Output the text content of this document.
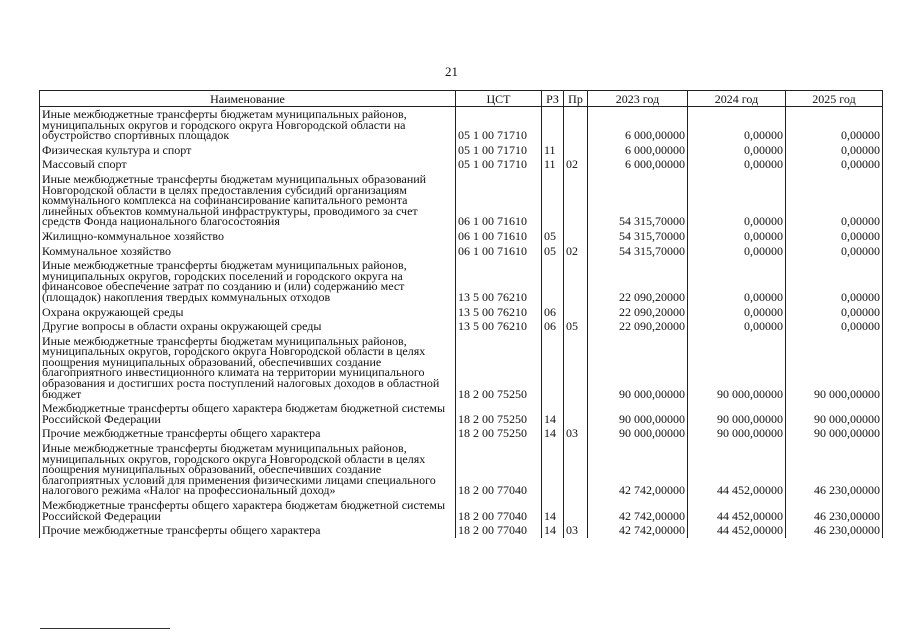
21
Наименование	ЦСТ	РЗ	Пр	2023 год	2024 год	2025 год
Иные межбюджетные трансферты бюджетам муниципальных районов, муниципальных округов и городского округа Новгородской области на обустройство спортивных площадок	05 1 00 71710			6 000,00000	0,00000	0,00000
Физическая культура и спорт	05 1 00 71710	11		6 000,00000	0,00000	0,00000
Массовый спорт	05 1 00 71710	11	02	6 000,00000	0,00000	0,00000
Иные межбюджетные трансферты бюджетам муниципальных образований Новгородской области в целях предоставления субсидий организациям коммунального комплекса на софинансирование капитального ремонта линейных объектов коммунальной инфраструктуры, проводимого за счет средств Фонда национального благосостояния	06 1 00 71610			54 315,70000	0,00000	0,00000
Жилищно-коммунальное хозяйство	06 1 00 71610	05		54 315,70000	0,00000	0,00000
Коммунальное хозяйство	06 1 00 71610	05	02	54 315,70000	0,00000	0,00000
Иные межбюджетные трансферты бюджетам муниципальных районов, муниципальных округов, городских поселений и городского округа на финансовое обеспечение затрат по созданию и (или) содержанию мест (площадок) накопления твердых коммунальных отходов	13 5 00 76210			22 090,20000	0,00000	0,00000
Охрана окружающей среды	13 5 00 76210	06		22 090,20000	0,00000	0,00000
Другие вопросы в области охраны окружающей среды	13 5 00 76210	06	05	22 090,20000	0,00000	0,00000
Иные межбюджетные трансферты бюджетам муниципальных районов, муниципальных округов, городского округа Новгородской области в целях поощрения муниципальных образований, обеспечивших создание благоприятного инвестиционного климата на территории муниципального образования и достигших роста поступлений налоговых доходов в областной бюджет	18 2 00 75250			90 000,00000	90 000,00000	90 000,00000
Межбюджетные трансферты общего характера бюджетам бюджетной системы Российской Федерации	18 2 00 75250	14		90 000,00000	90 000,00000	90 000,00000
Прочие межбюджетные трансферты общего характера	18 2 00 75250	14	03	90 000,00000	90 000,00000	90 000,00000
Иные межбюджетные трансферты бюджетам муниципальных районов, муниципальных округов, городского округа Новгородской области в целях поощрения муниципальных образований, обеспечивших создание благоприятных условий для применения физическими лицами специального налогового режима «Налог на профессиональный доход»	18 2 00 77040			42 742,00000	44 452,00000	46 230,00000
Межбюджетные трансферты общего характера бюджетам бюджетной системы Российской Федерации	18 2 00 77040	14		42 742,00000	44 452,00000	46 230,00000
Прочие межбюджетные трансферты общего характера	18 2 00 77040	14	03	42 742,00000	44 452,00000	46 230,00000
